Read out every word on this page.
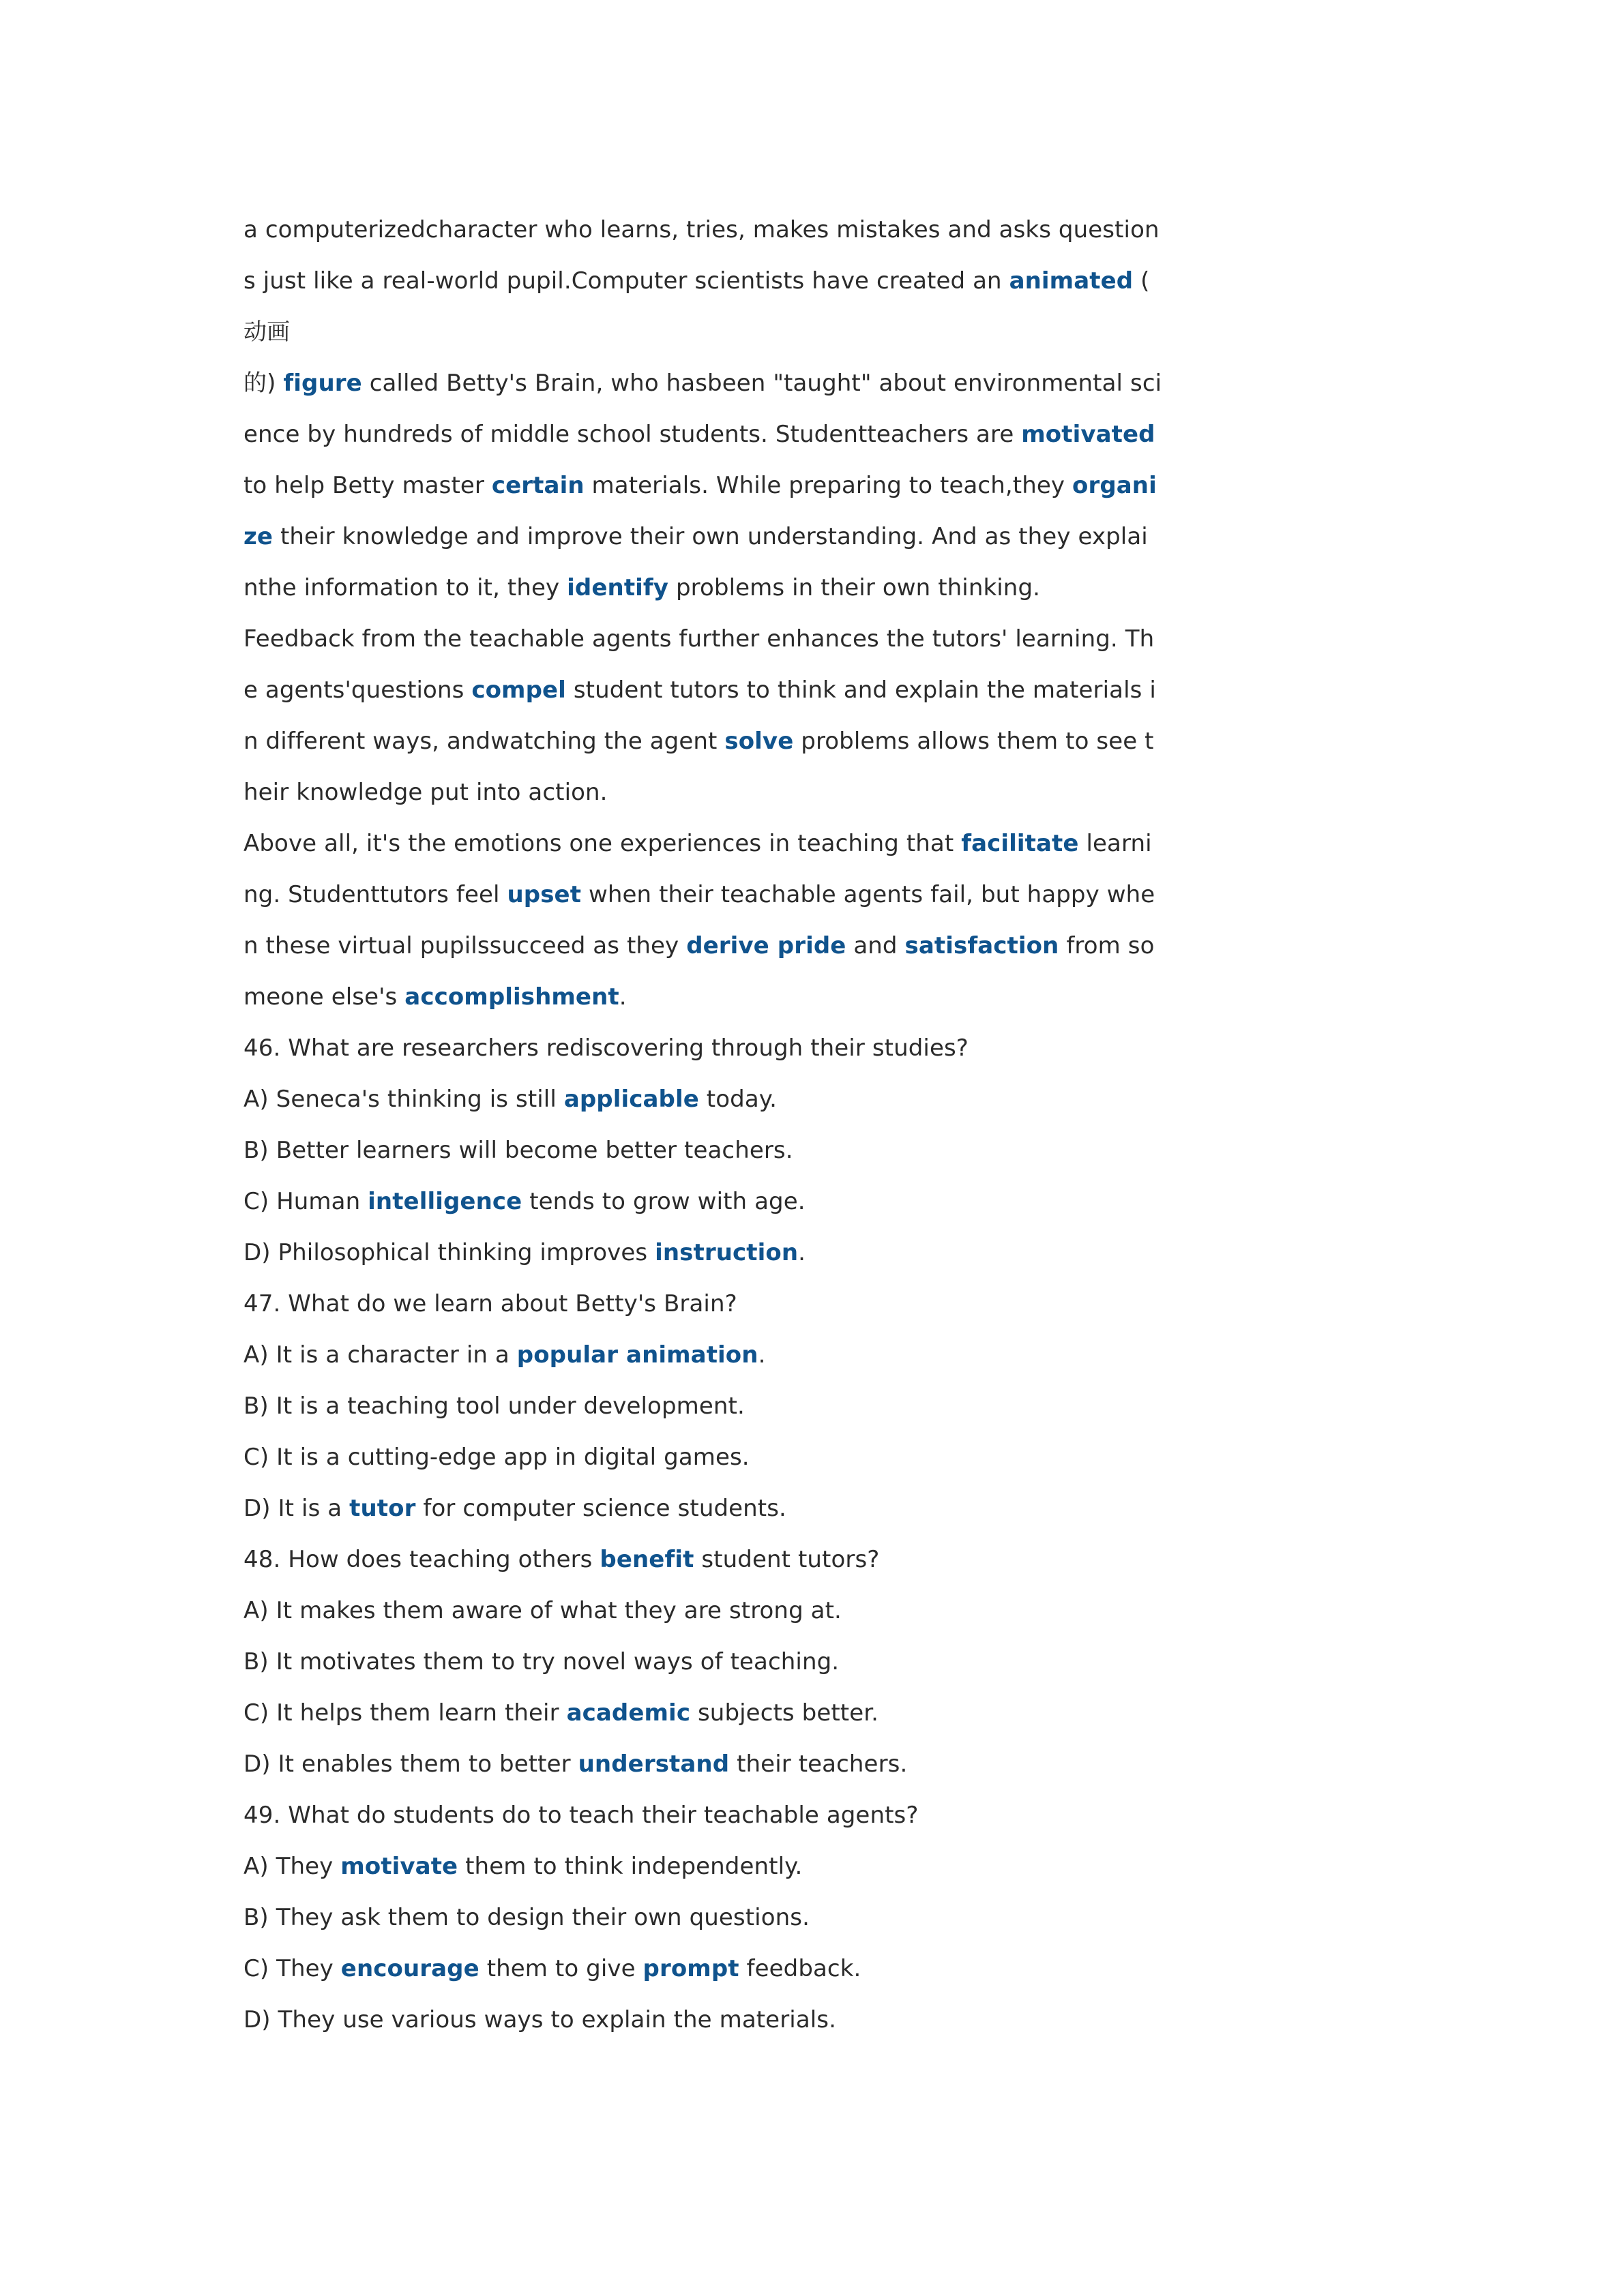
a computerizedcharacter who learns, tries, makes mistakes and asks question
s just like a real-world pupil.Computer scientists have created an animated (
动画
的) figure called Betty's Brain, who hasbeen "taught" about environmental sci
ence by hundreds of middle school students. Studentteachers are motivated
to help Betty master certain materials. While preparing to teach,they organi
ze their knowledge and improve their own understanding. And as they explai
nthe information to it, they identify problems in their own thinking.
Feedback from the teachable agents further enhances the tutors' learning. Th
e agents'questions compel student tutors to think and explain the materials i
n different ways, andwatching the agent solve problems allows them to see t
heir knowledge put into action.
Above all, it's the emotions one experiences in teaching that facilitate learni
ng. Studenttutors feel upset when their teachable agents fail, but happy whe
n these virtual pupilssucceed as they derive pride and satisfaction from so
meone else's accomplishment.
46. What are researchers rediscovering through their studies?
A) Seneca's thinking is still applicable today.
B) Better learners will become better teachers.
C) Human intelligence tends to grow with age.
D) Philosophical thinking improves instruction.
47. What do we learn about Betty's Brain?
A) It is a character in a popular animation.
B) It is a teaching tool under development.
C) It is a cutting-edge app in digital games.
D) It is a tutor for computer science students.
48. How does teaching others benefit student tutors?
A) It makes them aware of what they are strong at.
B) It motivates them to try novel ways of teaching.
C) It helps them learn their academic subjects better.
D) It enables them to better understand their teachers.
49. What do students do to teach their teachable agents?
A) They motivate them to think independently.
B) They ask them to design their own questions.
C) They encourage them to give prompt feedback.
D) They use various ways to explain the materials.
